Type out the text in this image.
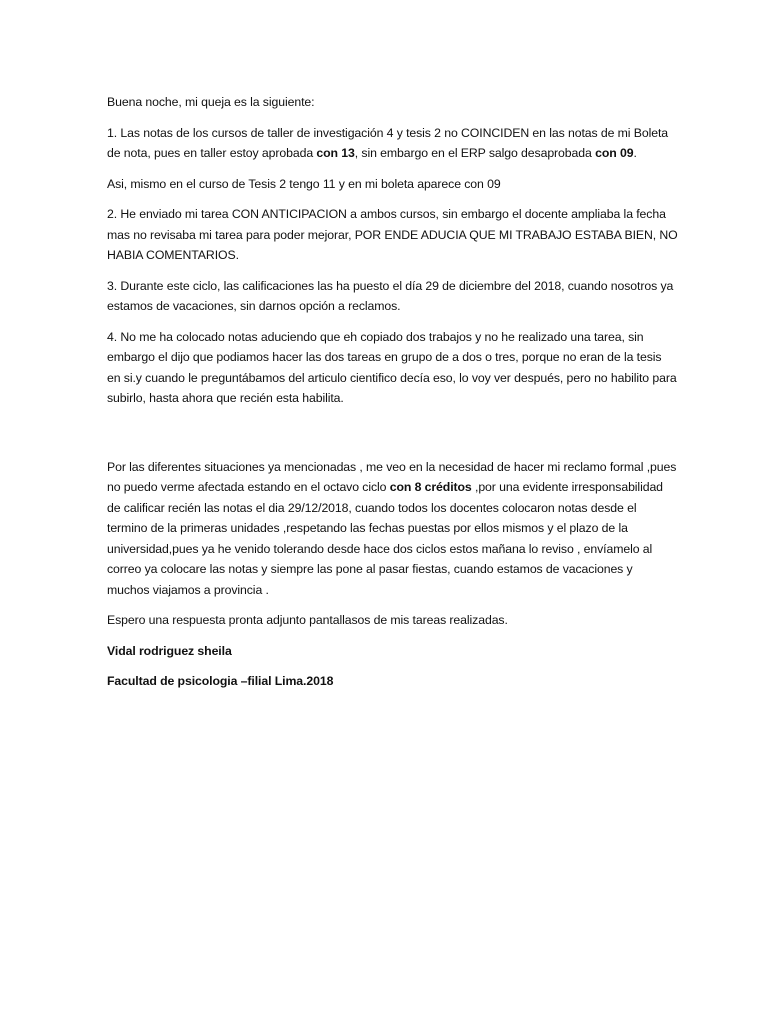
Buena noche, mi queja es la siguiente:

1. Las notas de los cursos de taller de investigación 4 y tesis 2 no COINCIDEN en las notas de mi Boleta de nota, pues en taller estoy aprobada con 13, sin embargo en el ERP salgo desaprobada con 09.

Asi, mismo en el curso de Tesis 2 tengo 11 y en mi boleta aparece con 09

2. He enviado mi tarea CON ANTICIPACION a ambos cursos, sin embargo el docente ampliaba la fecha mas no revisaba mi tarea para poder mejorar, POR ENDE ADUCIA QUE MI TRABAJO ESTABA BIEN, NO HABIA COMENTARIOS.

3. Durante este ciclo, las calificaciones las ha puesto el día 29 de diciembre del 2018, cuando nosotros ya estamos de vacaciones, sin darnos opción a reclamos.

4. No me ha colocado notas aduciendo que eh copiado dos trabajos y no he realizado una tarea, sin embargo el dijo que podiamos hacer las dos tareas en grupo de a dos o tres, porque no eran de la tesis en si.y cuando le preguntábamos del articulo cientifico decía eso, lo voy ver después, pero no habilito para subirlo, hasta ahora que recién esta habilita.

Por las diferentes situaciones ya mencionadas , me veo en la necesidad de hacer mi reclamo formal ,pues no puedo verme afectada estando en el octavo ciclo con 8 créditos ,por una evidente irresponsabilidad de calificar recién las notas el dia 29/12/2018, cuando todos los docentes colocaron notas desde el termino de la primeras unidades ,respetando las fechas puestas por ellos mismos y el plazo de la universidad,pues ya he venido tolerando desde hace dos ciclos estos mañana lo reviso , envíamelo al correo ya colocare las notas y siempre las pone al pasar fiestas, cuando estamos de vacaciones y muchos viajamos a provincia .

Espero una respuesta pronta adjunto pantallasos de mis tareas realizadas.

Vidal rodriguez sheila

Facultad de psicologia –filial Lima.2018
